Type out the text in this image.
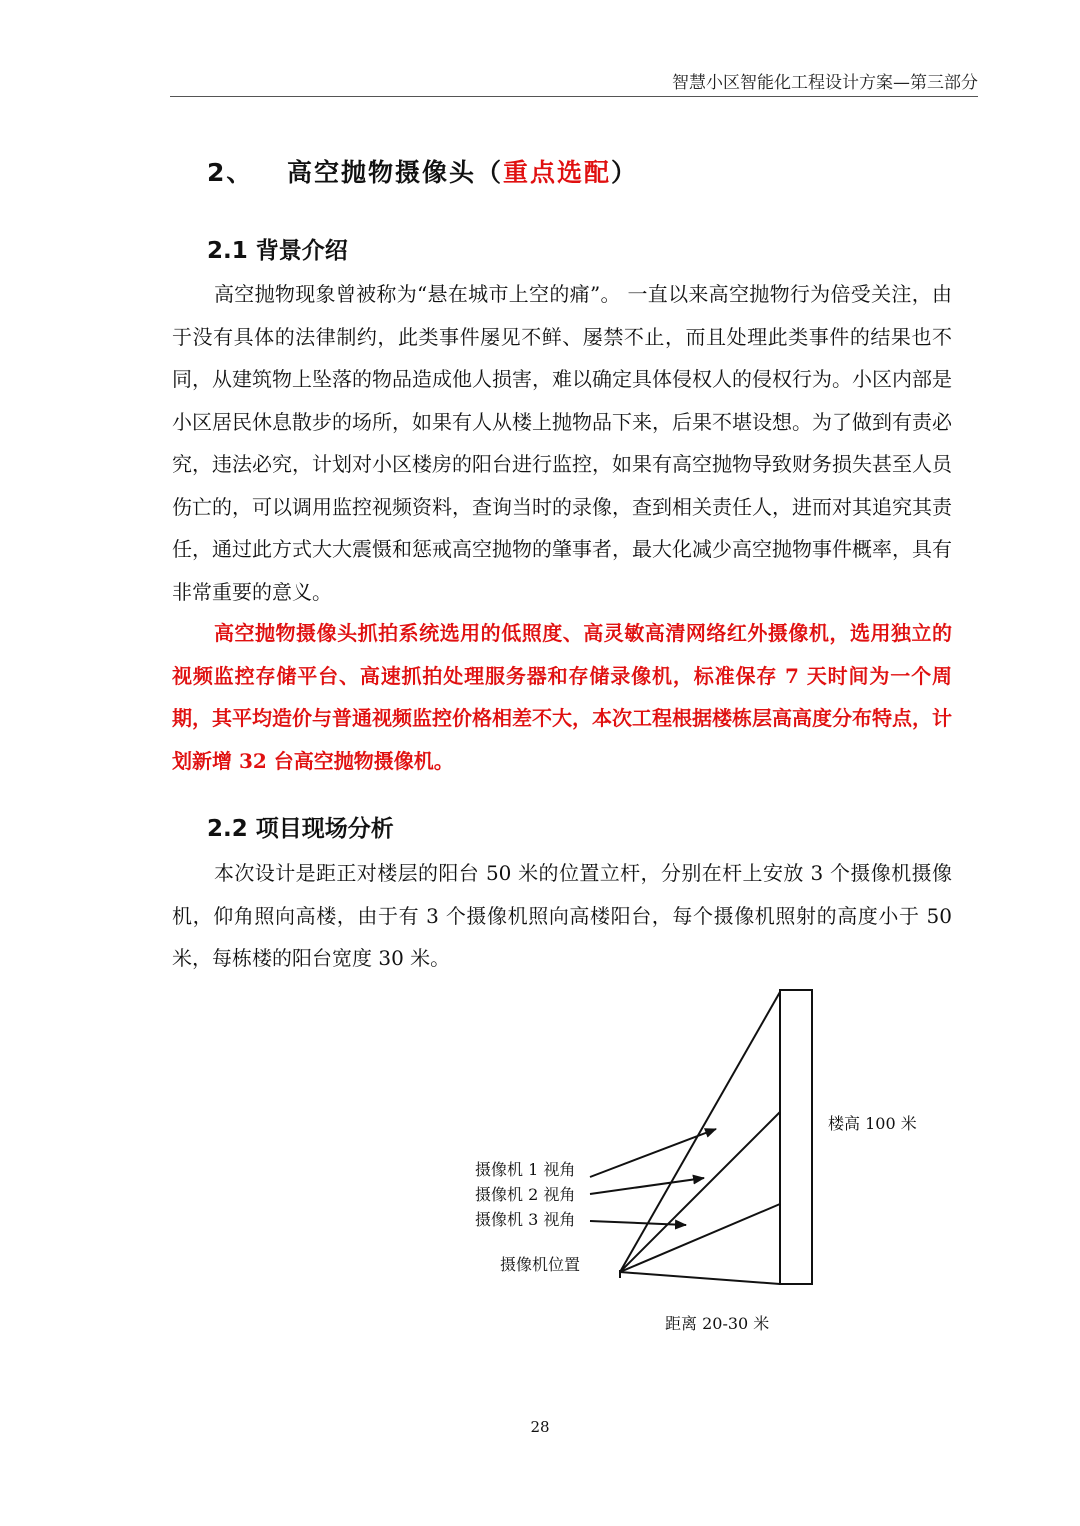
智慧小区智能化工程设计方案—第三部分
2、 高空抛物摄像头（重点选配）
2.1 背景介绍

高空抛物现象曾被称为“悬在城市上空的痛”。 一直以来高空抛物行为倍受关注，由于没有具体的法律制约，此类事件屡见不鲜、屡禁不止，而且处理此类事件的结果也不同，从建筑物上坠落的物品造成他人损害，难以确定具体侵权人的侵权行为。小区内部是小区居民休息散步的场所，如果有人从楼上抛物品下来，后果不堪设想。为了做到有责必究，违法必究，计划对小区楼房的阳台进行监控，如果有高空抛物导致财务损失甚至人员伤亡的，可以调用监控视频资料，查询当时的录像，查到相关责任人，进而对其追究其责任，通过此方式大大震慑和惩戒高空抛物的肇事者，最大化减少高空抛物事件概率，具有非常重要的意义。

高空抛物摄像头抓拍系统选用的低照度、高灵敏高清网络红外摄像机，选用独立的视频监控存储平台、高速抓拍处理服务器和存储录像机，标准保存 7 天时间为一个周期，其平均造价与普通视频监控价格相差不大，本次工程根据楼栋层高高度分布特点，计划新增 32 台高空抛物摄像机。

2.2 项目现场分析

本次设计是距正对楼层的阳台 50 米的位置立杆，分别在杆上安放 3 个摄像机摄像机，仰角照向高楼，由于有 3 个摄像机照向高楼阳台，每个摄像机照射的高度小于 50 米，每栋楼的阳台宽度 30 米。

楼高 100 米
摄像机 1 视角
摄像机 2 视角
摄像机 3 视角
摄像机位置
距离 20-30 米
28
